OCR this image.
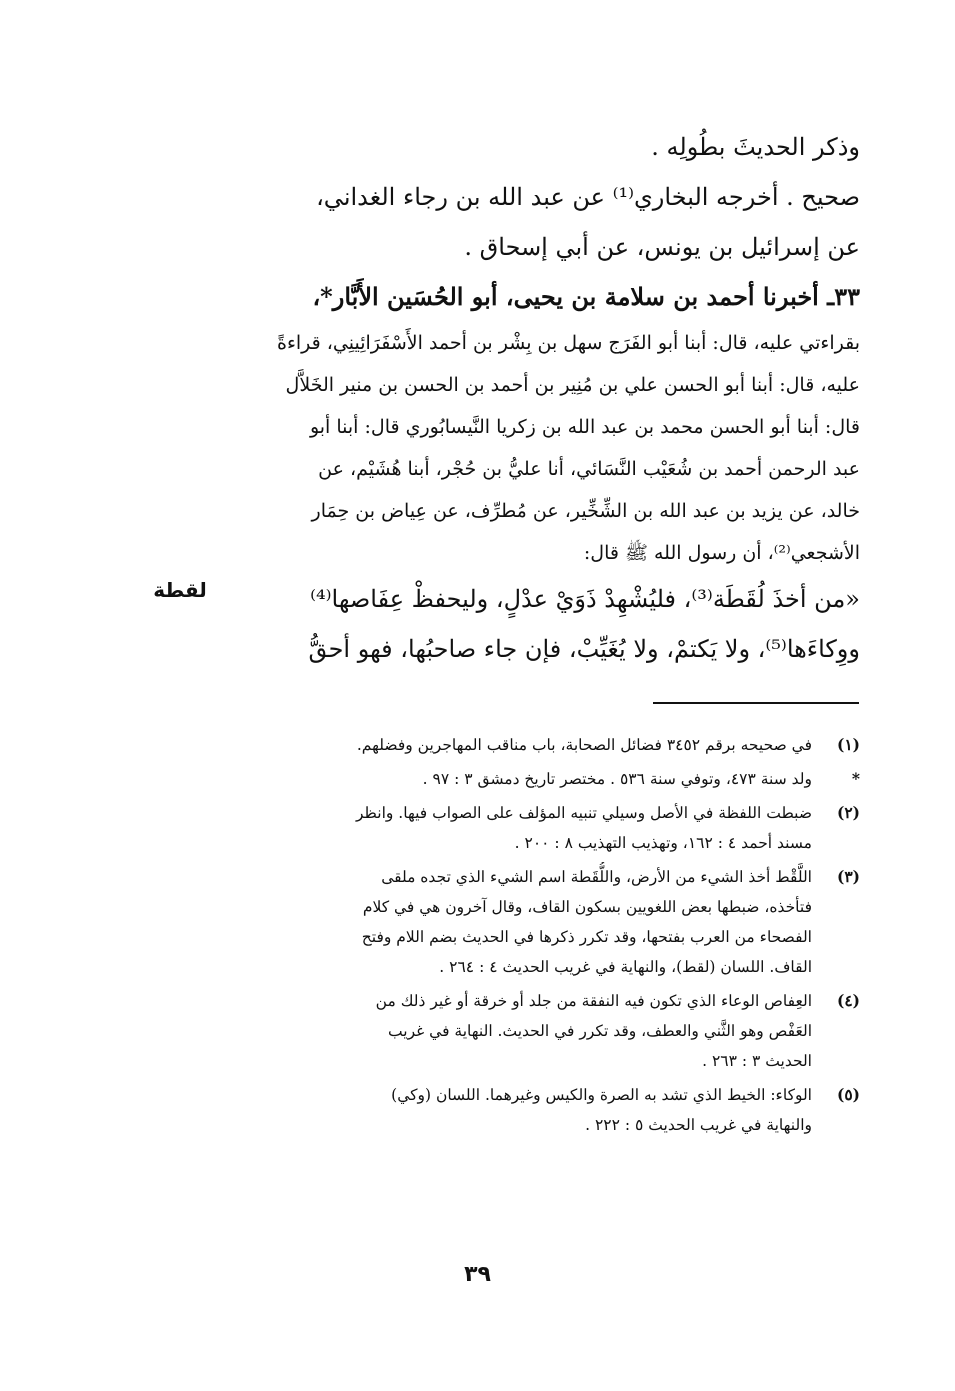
وذكر الحديثَ بطُولِه .
صحيح . أخرجه البخاري⁽¹⁾ عن عبد الله بن رجاء الغداني،
عن إسرائيل بن يونس، عن أبي إسحاق .
٣٣ـ أخبرنا أحمد بن سلامة بن يحيى، أبو الحُسَين الأَبَّار*،
بقراءتي عليه، قال: أبنا أبو الفَرَج سهل بن بِشْر بن أحمد الأَسْفَرَائِينِي، قراءةً
عليه، قال: أبنا أبو الحسن علي بن مُنِير بن أحمد بن الحسن بن منير الخَلاَّل
قال: أبنا أبو الحسن محمد بن عبد الله بن زكريا النَّيسابُوري قال: أبنا أبو
عبد الرحمن أحمد بن شُعَيْب النَّسَائي، أنا عليُّ بن حُجْر، أبنا هُشَيْم، عن
خالد، عن يزيد بن عبد الله بن الشِّخِّير، عن مُطرِّف، عن عِياض بن حِمَار
الأشجعي⁽²⁾، أن رسول الله ﷺ قال:
«من أخذَ لُقَطَة⁽³⁾، فليُشْهِدْ ذَوَيْ عدْلٍ، وليحفظْ عِفَاصها⁽⁴⁾
ووِكاءَها⁽⁵⁾، ولا يَكتمْ، ولا يُغَيِّبْ، فإن جاء صاحبُها، فهو أحقُّ
لقطة
(١)
في صحيحه برقم ٣٤٥٢ فضائل الصحابة، باب مناقب المهاجرين وفضلهم.
*
ولد سنة ٤٧٣، وتوفي سنة ٥٣٦ . مختصر تاريخ دمشق ٣ : ٩٧ .
(٢)
ضبطت اللفظة في الأصل وسيلي تنبيه المؤلف على الصواب فيها. وانظر
مسند أحمد ٤ : ١٦٢، وتهذيب التهذيب ٨ : ٢٠٠ .
(٣)
اللَّقْط أخذ الشيء من الأرض، واللُّقَطة اسم الشيء الذي تجده ملقى
فتأخذه، ضبطها بعض اللغويين بسكون القاف، وقال آخرون هي في كلام
الفصحاء من العرب بفتحها، وقد تكرر ذكرها في الحديث بضم اللام وفتح
القاف. اللسان (لقط)، والنهاية في غريب الحديث ٤ : ٢٦٤ .
(٤)
العِفاص الوعاء الذي تكون فيه النفقة من جلد أو خرقة أو غير ذلك من
العَفْص وهو الثَّني والعطف، وقد تكرر في الحديث. النهاية في غريب
الحديث ٣ : ٢٦٣ .
(٥)
الوكاء: الخيط الذي تشد به الصرة والكيس وغيرهما. اللسان (وكي)
والنهاية في غريب الحديث ٥ : ٢٢٢ .
٣٩
